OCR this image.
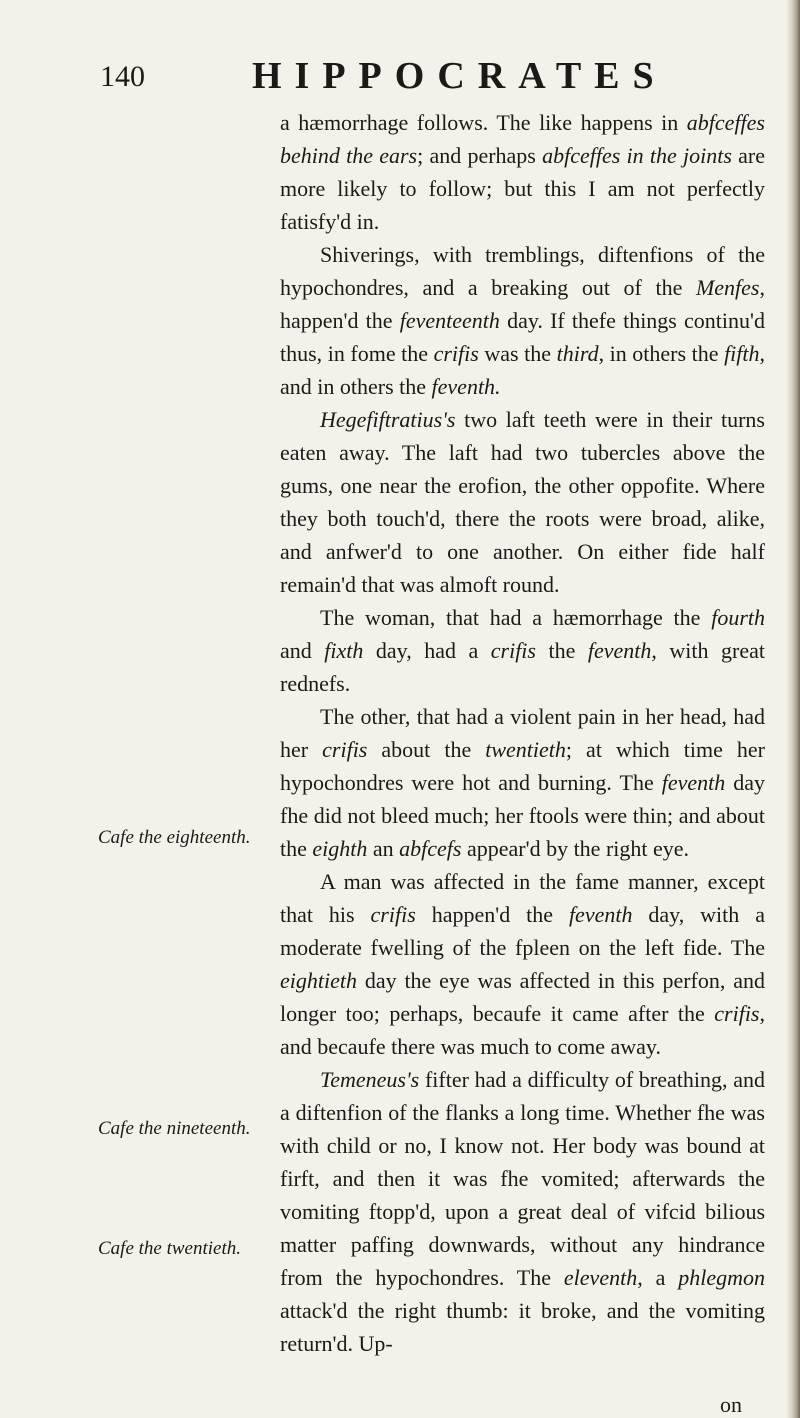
140	HIPPOCRATES
Cafe the eighteenth.
Cafe the nineteenth.
Cafe the twentieth.

a hæmorrhage follows. The like happens in abfceffes behind the ears; and perhaps abfceffes in the joints are more likely to follow; but this I am not perfectly fatisfy'd in.

Shiverings, with tremblings, diftenfions of the hypochondres, and a breaking out of the Menfes, happen'd the feventeenth day. If thefe things continu'd thus, in fome the crifis was the third, in others the fifth, and in others the feventh.

Hegefiftratius's two laft teeth were in their turns eaten away. The laft had two tubercles above the gums, one near the erofion, the other oppofite. Where they both touch'd, there the roots were broad, alike, and anfwer'd to one another. On either fide half remain'd that was almoft round.

The woman, that had a hæmorrhage the fourth and fixth day, had a crifis the feventh, with great rednefs.

The other, that had a violent pain in her head, had her crifis about the twentieth; at which time her hypochondres were hot and burning. The feventh day fhe did not bleed much; her ftools were thin; and about the eighth an abfcefs appear'd by the right eye.

A man was affected in the fame manner, except that his crifis happen'd the feventh day, with a moderate fwelling of the fpleen on the left fide. The eightieth day the eye was affected in this perfon, and longer too; perhaps, becaufe it came after the crifis, and becaufe there was much to come away.

Temeneus's fifter had a difficulty of breathing, and a diftenfion of the flanks a long time. Whether fhe was with child or no, I know not. Her body was bound at firft, and then it was fhe vomited; afterwards the vomiting ftopp'd, upon a great deal of vifcid bilious matter paffing downwards, without any hindrance from the hypochondres. The eleventh, a phlegmon attack'd the right thumb: it broke, and the vomiting return'd. Up-

on
